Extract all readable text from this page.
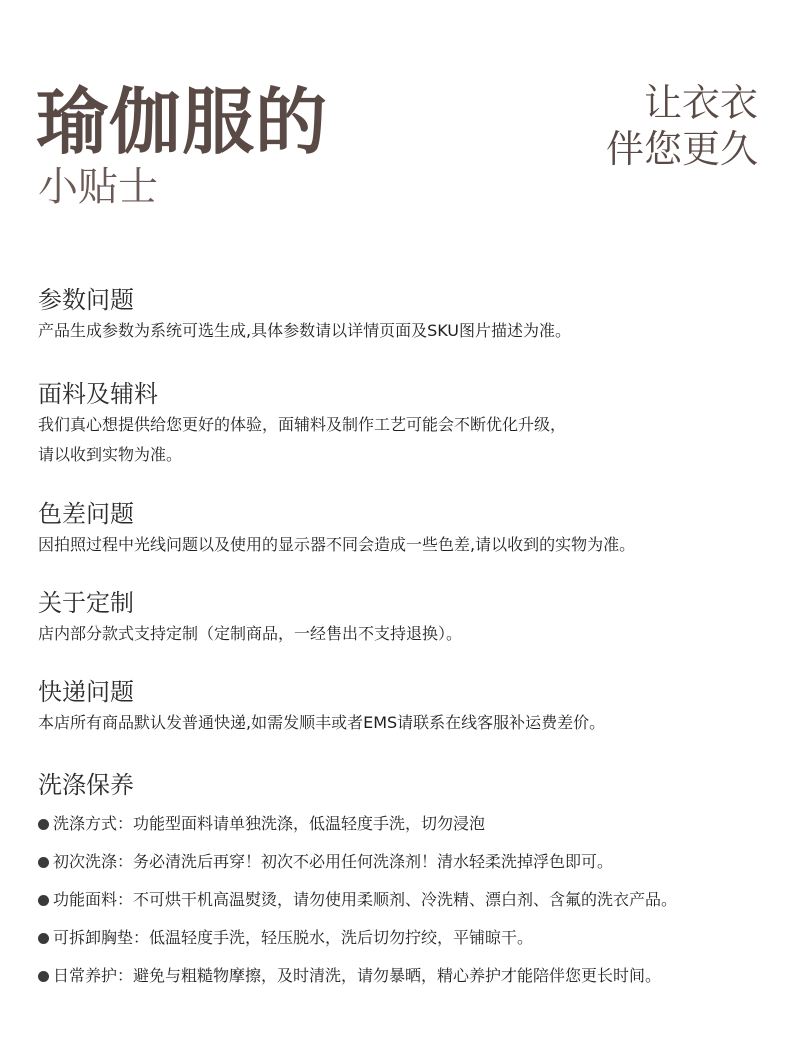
瑜伽服的
小贴士
让衣衣
伴您更久
参数问题
产品生成参数为系统可选生成,具体参数请以详情页面及SKU图片描述为准。
面料及辅料
我们真心想提供给您更好的体验，面辅料及制作工艺可能会不断优化升级，
请以收到实物为准。
色差问题
因拍照过程中光线问题以及使用的显示器不同会造成一些色差,请以收到的实物为准。
关于定制
店内部分款式支持定制（定制商品，一经售出不支持退换）。
快递问题
本店所有商品默认发普通快递,如需发顺丰或者EMS请联系在线客服补运费差价。
洗涤保养
洗涤方式：功能型面料请单独洗涤，低温轻度手洗，切勿浸泡
初次洗涤：务必清洗后再穿！初次不必用任何洗涤剂！清水轻柔洗掉浮色即可。
功能面料：不可烘干机高温熨烫，请勿使用柔顺剂、冷洗精、漂白剂、含氟的洗衣产品。
可拆卸胸垫：低温轻度手洗，轻压脱水，洗后切勿拧绞，平铺晾干。
日常养护：避免与粗糙物摩擦，及时清洗，请勿暴晒，精心养护才能陪伴您更长时间。
